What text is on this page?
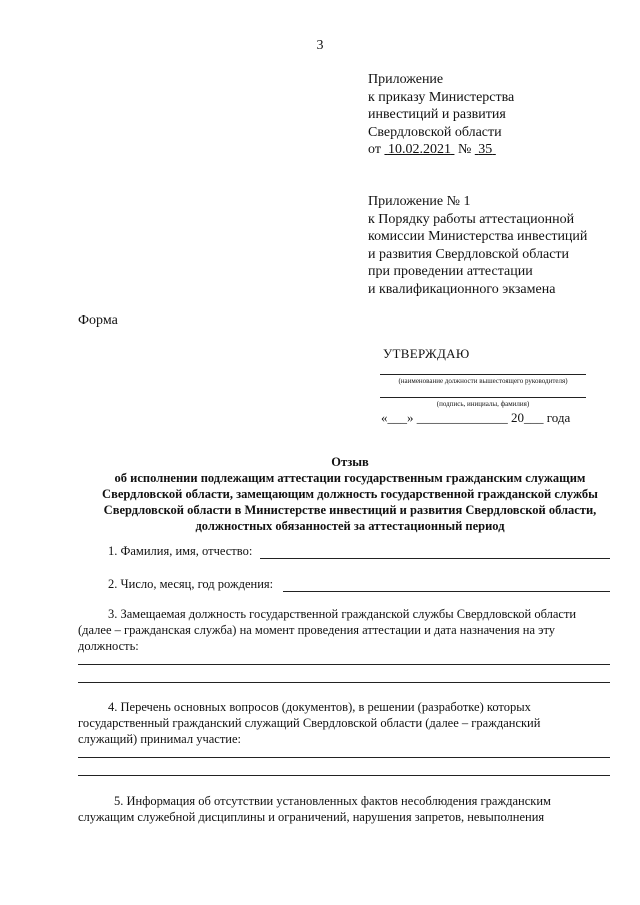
3
Приложение
к приказу Министерства
инвестиций и развития
Свердловской области
от 10.02.2021 № 35
Приложение № 1
к Порядку работы аттестационной
комиссии Министерства инвестиций
и развития Свердловской области
при проведении аттестации
и квалификационного экзамена
Форма
УТВЕРЖДАЮ
(наименование должности вышестоящего руководителя)
(подпись, инициалы, фамилия)
«___» ______________ 20___ года
Отзыв
об исполнении подлежащим аттестации государственным гражданским служащим
Свердловской области, замещающим должность государственной гражданской службы
Свердловской области в Министерстве инвестиций и развития Свердловской области,
должностных обязанностей за аттестационный период
1. Фамилия, имя, отчество:
2. Число, месяц, год рождения:
3. Замещаемая должность государственной гражданской службы Свердловской области
(далее – гражданская служба) на момент проведения аттестации и дата назначения на эту
должность:
4. Перечень основных вопросов (документов), в решении (разработке) которых
государственный гражданский служащий Свердловской области (далее – гражданский
служащий) принимал участие:
5. Информация об отсутствии установленных фактов несоблюдения гражданским
служащим служебной дисциплины и ограничений, нарушения запретов, невыполнения
